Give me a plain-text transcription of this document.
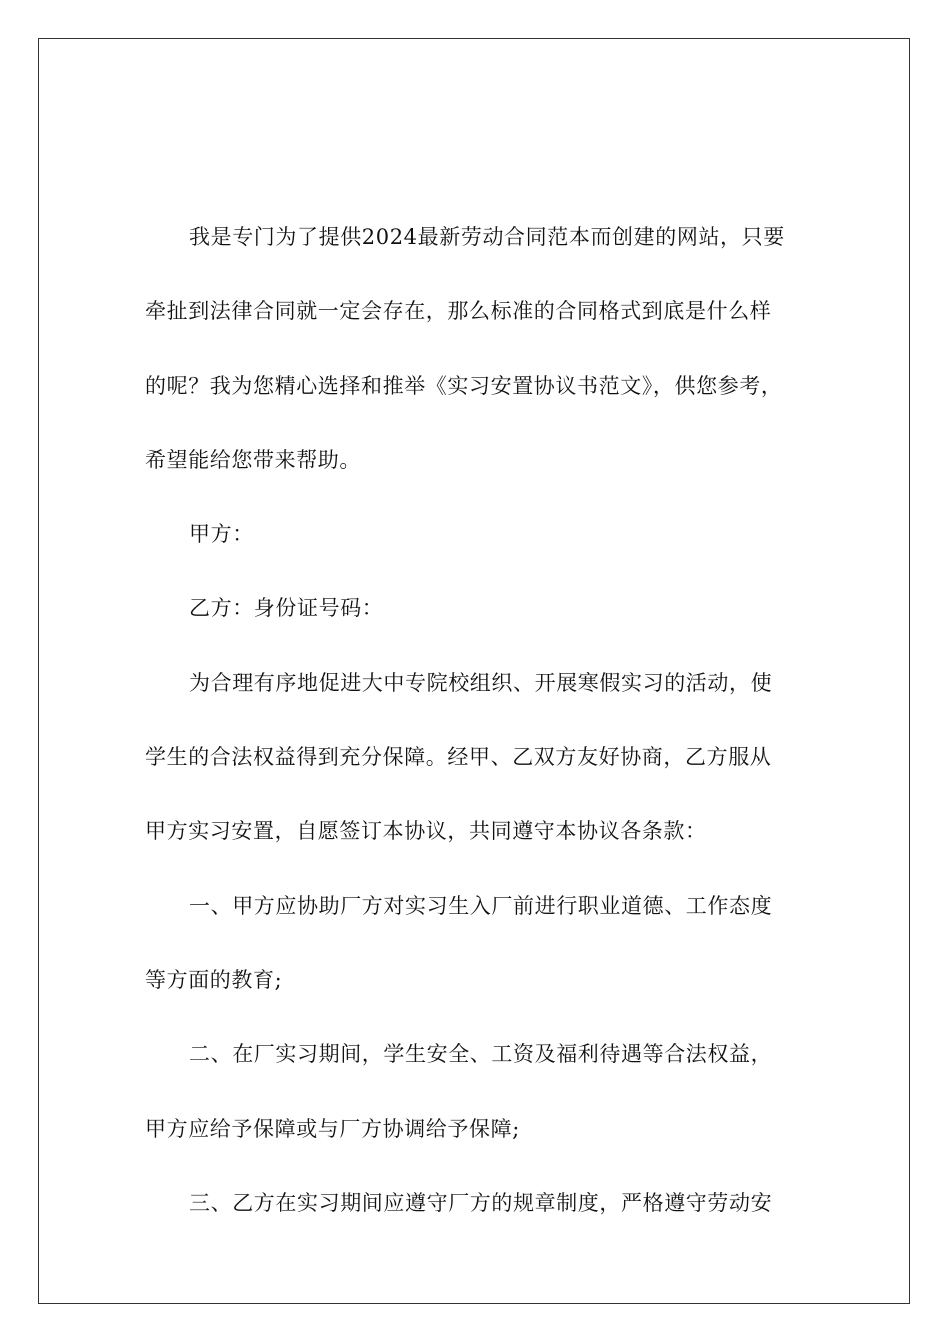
我是专门为了提供2024最新劳动合同范本而创建的网站，只要
牵扯到法律合同就一定会存在，那么标准的合同格式到底是什么样
的呢？我为您精心选择和推举《实习安置协议书范文》，供您参考，
希望能给您带来帮助。
甲方：
乙方：身份证号码：
为合理有序地促进大中专院校组织、开展寒假实习的活动，使
学生的合法权益得到充分保障。经甲、乙双方友好协商，乙方服从
甲方实习安置，自愿签订本协议，共同遵守本协议各条款：
一、甲方应协助厂方对实习生入厂前进行职业道德、工作态度
等方面的教育;
二、在厂实习期间，学生安全、工资及福利待遇等合法权益，
甲方应给予保障或与厂方协调给予保障;
三、乙方在实习期间应遵守厂方的规章制度，严格遵守劳动安
